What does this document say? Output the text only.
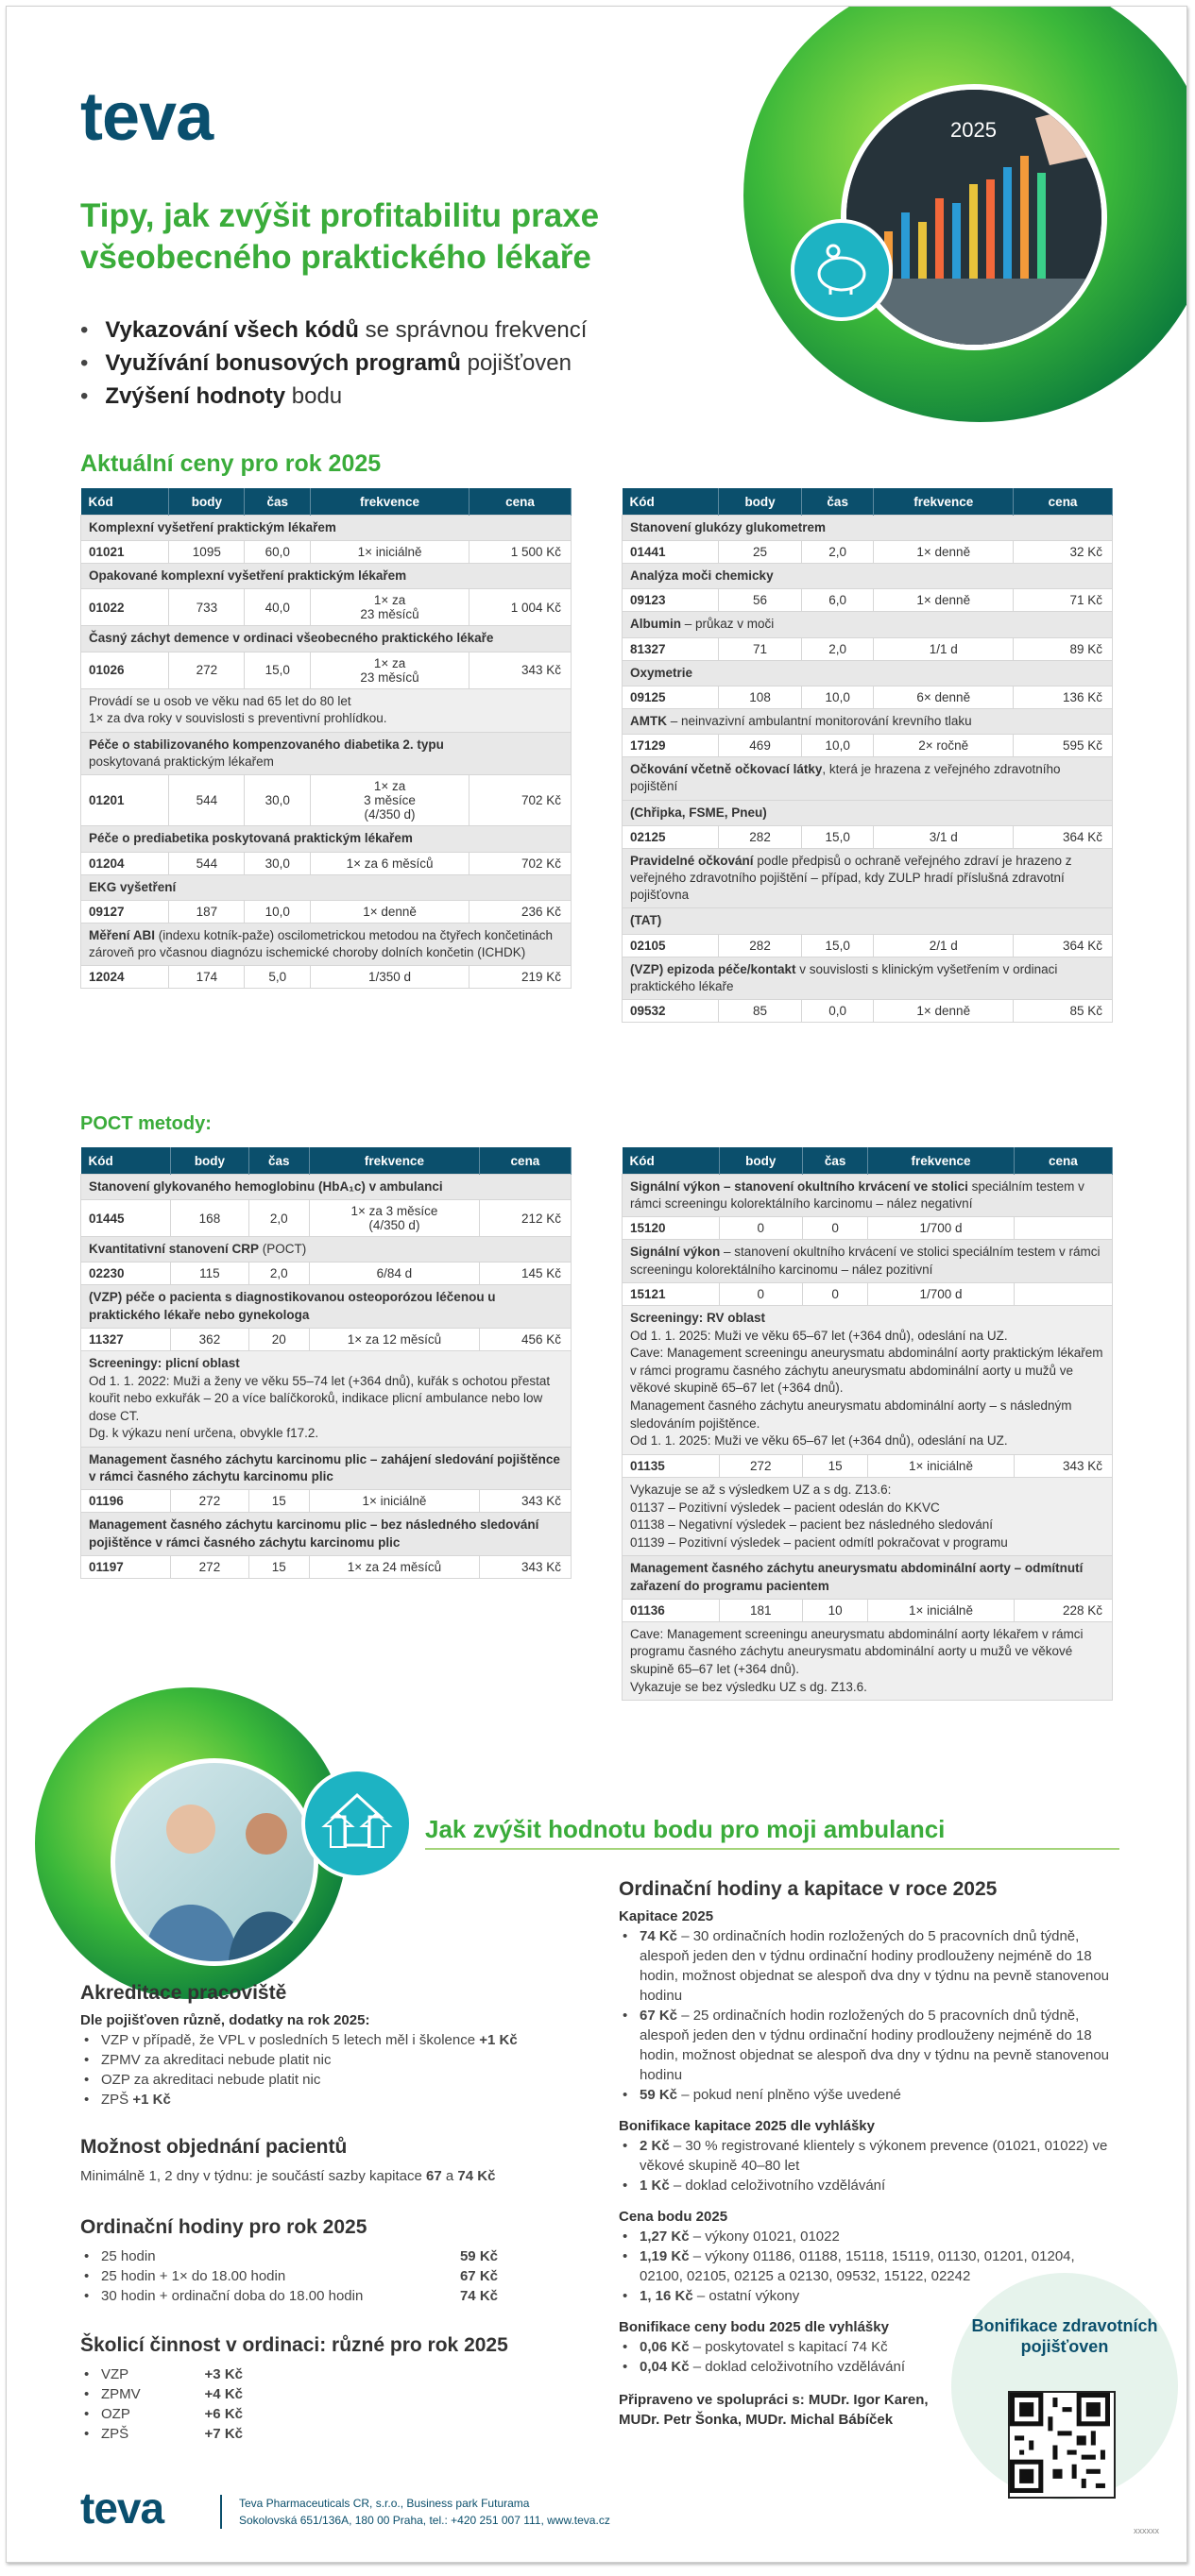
teva	2025
Tipy, jak zvýšit profitabilitu praxe všeobecného praktického lékaře
• Vykazování všech kódů se správnou frekvencí
• Využívání bonusových programů pojišťoven
• Zvýšení hodnoty bodu
Aktuální ceny pro rok 2025
Kód	body	čas	frekvence	cena
Komplexní vyšetření praktickým lékařem				
01021	1095	60,0	1× iniciálně	1 500 Kč
Opakované komplexní vyšetření praktickým lékařem				
01022	733	40,0	1× za
23 měsíců	1 004 Kč
Časný záchyt demence v ordinaci všeobecného praktického lékaře				
01026	272	15,0	1× za
23 měsíců	343 Kč
Provádí se u osob ve věku nad 65 let do 80 let
1× za dva roky v souvislosti s preventivní prohlídkou.				
Péče o stabilizovaného kompenzovaného diabetika 2. typu
poskytovaná praktickým lékařem				
01201	544	30,0	1× za
3 měsíce
(4/350 d)	702 Kč
Péče o prediabetika poskytovaná praktickým lékařem				
01204	544	30,0	1× za 6 měsíců	702 Kč
EKG vyšetření				
09127	187	10,0	1× denně	236 Kč
Měření ABI (indexu kotník-paže) oscilometrickou metodou na čtyřech končetinách zároveň pro včasnou diagnózu ischemické choroby dolních končetin (ICHDK)				
12024	174	5,0	1/350 d	219 Kč
Kód	body	čas	frekvence	cena
Stanovení glukózy glukometrem				
01441	25	2,0	1× denně	32 Kč
Analýza moči chemicky				
09123	56	6,0	1× denně	71 Kč
Albumin – průkaz v moči				
81327	71	2,0	1/1 d	89 Kč
Oxymetrie				
09125	108	10,0	6× denně	136 Kč
AMTK – neinvazivní ambulantní monitorování krevního tlaku				
17129	469	10,0	2× ročně	595 Kč
Očkování včetně očkovací látky, která je hrazena z veřejného zdravotního pojištění				
(Chřipka, FSME, Pneu)				
02125	282	15,0	3/1 d	364 Kč
Pravidelné očkování podle předpisů o ochraně veřejného zdraví je hrazeno z veřejného zdravotního pojištění – případ, kdy ZULP hradí příslušná zdravotní pojišťovna				
(TAT)				
02105	282	15,0	2/1 d	364 Kč
(VZP) epizoda péče/kontakt v souvislosti s klinickým vyšetřením v ordinaci praktického lékaře				
09532	85	0,0	1× denně	85 Kč
POCT metody:
Kód	body	čas	frekvence	cena
Stanovení glykovaného hemoglobinu (HbA₁c) v ambulanci				
01445	168	2,0	1× za 3 měsíce
(4/350 d)	212 Kč
Kvantitativní stanovení CRP (POCT)				
02230	115	2,0	6/84 d	145 Kč
(VZP) péče o pacienta s diagnostikovanou osteoporózou léčenou u praktického lékaře nebo gynekologa				
11327	362	20	1× za 12 měsíců	456 Kč
Screeningy: plicní oblast
Od 1. 1. 2022: Muži a ženy ve věku 55–74 let (+364 dnů), kuřák s ochotou přestat kouřit nebo exkuřák – 20 a více balíčkoroků, indikace plicní ambulance nebo low dose CT.
Dg. k výkazu není určena, obvykle f17.2.				
Management časného záchytu karcinomu plic – zahájení sledování pojištěnce v rámci časného záchytu karcinomu plic				
01196	272	15	1× iniciálně	343 Kč
Management časného záchytu karcinomu plic – bez následného sledování pojištěnce v rámci časného záchytu karcinomu plic				
01197	272	15	1× za 24 měsíců	343 Kč
Kód	body	čas	frekvence	cena
Signální výkon – stanovení okultního krvácení ve stolici speciálním testem v rámci screeningu kolorektálního karcinomu – nález negativní				
15120	0	0	1/700 d	
Signální výkon – stanovení okultního krvácení ve stolici speciálním testem v rámci screeningu kolorektálního karcinomu – nález pozitivní				
15121	0	0	1/700 d	
Screeningy: RV oblast
Od 1. 1. 2025: Muži ve věku 65–67 let (+364 dnů), odeslání na UZ.
Cave: Management screeningu aneurysmatu abdominální aorty praktickým lékařem v rámci programu časného záchytu aneurysmatu abdominální aorty u mužů ve věkové skupině 65–67 let (+364 dnů).
Management časného záchytu aneurysmatu abdominální aorty – s následným sledováním pojištěnce.
Od 1. 1. 2025: Muži ve věku 65–67 let (+364 dnů), odeslání na UZ.				
01135	272	15	1× iniciálně	343 Kč
Vykazuje se až s výsledkem UZ a s dg. Z13.6:
01137 – Pozitivní výsledek – pacient odeslán do KKVC
01138 – Negativní výsledek – pacient bez následného sledování
01139 – Pozitivní výsledek – pacient odmítl pokračovat v programu				
Management časného záchytu aneurysmatu abdominální aorty – odmítnutí zařazení do programu pacientem				
01136	181	10	1× iniciálně	228 Kč
Cave: Management screeningu aneurysmatu abdominální aorty lékařem v rámci programu časného záchytu aneurysmatu abdominální aorty u mužů ve věkové skupině 65–67 let (+364 dnů).
Vykazuje se bez výsledku UZ s dg. Z13.6.				
Jak zvýšit hodnotu bodu pro moji ambulanci
Akreditace pracoviště
Dle pojišťoven různě, dodatky na rok 2025:
• VZP v případě, že VPL v posledních 5 letech měl i školence +1 Kč
• ZPMV za akreditaci nebude platit nic
• OZP za akreditaci nebude platit nic
• ZPŠ +1 Kč
Možnost objednání pacientů

Minimálně 1, 2 dny v týdnu: je součástí sazby kapitace 67 a 74 Kč

Ordinační hodiny pro rok 2025
• 25 hodin	59 Kč
• 25 hodin + 1× do 18.00 hodin	67 Kč
• 30 hodin + ordinační doba do 18.00 hodin	74 Kč
Školicí činnost v ordinaci: různé pro rok 2025
• VZP	+3 Kč
• ZPMV	+4 Kč
• OZP	+6 Kč
• ZPŠ	+7 Kč
Ordinační hodiny a kapitace v roce 2025
Kapitace 2025
• 74 Kč – 30 ordinačních hodin rozložených do 5 pracovních dnů týdně, alespoň jeden den v týdnu ordinační hodiny prodlouženy nejméně do 18 hodin, možnost objednat se alespoň dva dny v týdnu na pevně stanovenou hodinu
• 67 Kč – 25 ordinačních hodin rozložených do 5 pracovních dnů týdně, alespoň jeden den v týdnu ordinační hodiny prodlouženy nejméně do 18 hodin, možnost objednat se alespoň dva dny v týdnu na pevně stanovenou hodinu
• 59 Kč – pokud není plněno výše uvedené
Bonifikace kapitace 2025 dle vyhlášky
• 2 Kč – 30 % registrované klientely s výkonem prevence (01021, 01022) ve věkové skupině 40–80 let
• 1 Kč – doklad celoživotního vzdělávání
Cena bodu 2025
• 1,27 Kč – výkony 01021, 01022
• 1,19 Kč – výkony 01186, 01188, 15118, 15119, 01130, 01201, 01204, 02100, 02105, 02125 a 02130, 09532, 15122, 02242
• 1, 16 Kč – ostatní výkony
Bonifikace ceny bodu 2025 dle vyhlášky
• 0,06 Kč – poskytovatel s kapitací 74 Kč
• 0,04 Kč – doklad celoživotního vzdělávání
Připraveno ve spolupráci s: MUDr. Igor Karen,
MUDr. Petr Šonka, MUDr. Michal Bábíček

Bonifikace zdravotních pojišťoven

teva	Teva Pharmaceuticals CR, s.r.o., Business park Futurama
Sokolovská 651/136A, 180 00 Praha, tel.: +420 251 007 111, www.teva.cz
xxxxxx
